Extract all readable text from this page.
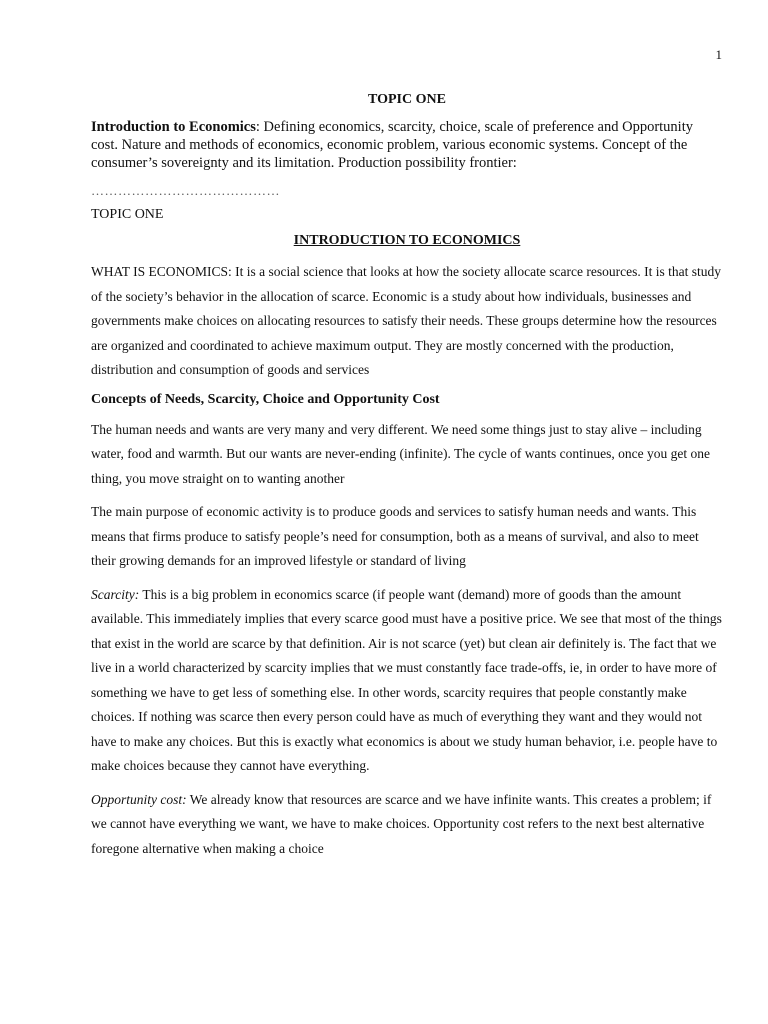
1
TOPIC ONE
Introduction to Economics: Defining economics, scarcity, choice, scale of preference and Opportunity cost. Nature and methods of economics, economic problem, various economic systems. Concept of the consumer’s sovereignty and its limitation. Production possibility frontier:
……………………………………
TOPIC ONE
INTRODUCTION TO ECONOMICS
WHAT IS ECONOMICS: It is a social science that looks at how the society allocate scarce resources. It is that study of the society’s behavior in the allocation of scarce. Economic is a study about how individuals, businesses and governments make choices on allocating resources to satisfy their needs. These groups determine how the resources are organized and coordinated to achieve maximum output. They are mostly concerned with the production, distribution and consumption of goods and services
Concepts of Needs, Scarcity, Choice and Opportunity Cost
The human needs and wants are very many and very different. We need some things just to stay alive – including water, food and warmth. But our wants are never-ending (infinite). The cycle of wants continues, once you get one thing, you move straight on to wanting another
The main purpose of economic activity is to produce goods and services to satisfy human needs and wants. This means that firms produce to satisfy people’s need for consumption, both as a means of survival, and also to meet their growing demands for an improved lifestyle or standard of living
Scarcity: This is a big problem in economics scarce (if people want (demand) more of goods than the amount available. This immediately implies that every scarce good must have a positive price. We see that most of the things that exist in the world are scarce by that definition. Air is not scarce (yet) but clean air definitely is. The fact that we live in a world characterized by scarcity implies that we must constantly face trade-offs, ie, in order to have more of something we have to get less of something else. In other words, scarcity requires that people constantly make choices. If nothing was scarce then every person could have as much of everything they want and they would not have to make any choices. But this is exactly what economics is about we study human behavior, i.e. people have to make choices because they cannot have everything.
Opportunity cost: We already know that resources are scarce and we have infinite wants. This creates a problem; if we cannot have everything we want, we have to make choices. Opportunity cost refers to the next best alternative foregone alternative when making a choice
